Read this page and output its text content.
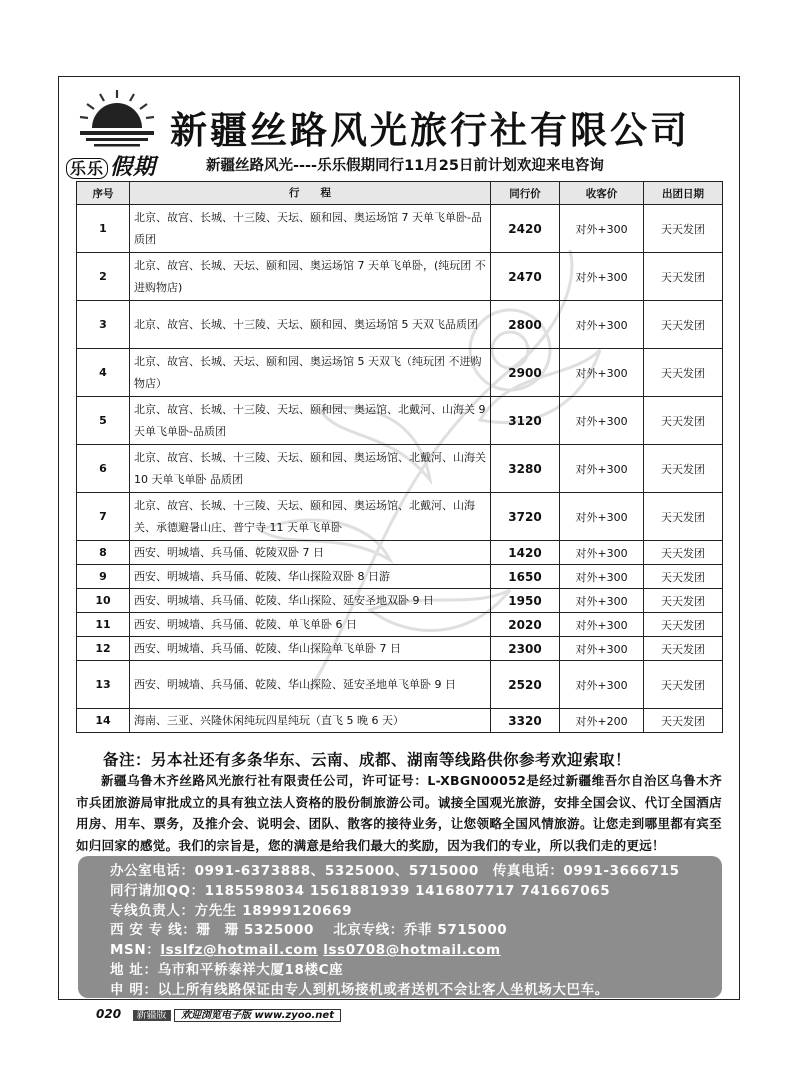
乐乐 假期
新疆丝路风光旅行社有限公司
新疆丝路风光----乐乐假期同行11月25日前计划欢迎来电咨询
序号	行　　程	同行价	收客价	出团日期
1	北京、故宫、长城、十三陵、天坛、颐和园、奥运场馆 7 天单飞单卧-品质团	2420	对外+300	天天发团
2	北京、故宫、长城、天坛、颐和园、奥运场馆 7 天单飞单卧，(纯玩团 不进购物店)	2470	对外+300	天天发团
3	北京、故宫、长城、十三陵、天坛、颐和园、奥运场馆 5 天双飞品质团	2800	对外+300	天天发团
4	北京、故宫、长城、天坛、颐和园、奥运场馆 5 天双飞（纯玩团 不进购物店）	2900	对外+300	天天发团
5	北京、故宫、长城、十三陵、天坛、颐和园、奥运馆、北戴河、山海关 9 天单飞单卧-品质团	3120	对外+300	天天发团
6	北京、故宫、长城、十三陵、天坛、颐和园、奥运场馆、北戴河、山海关 10 天单飞单卧 品质团	3280	对外+300	天天发团
7	北京、故宫、长城、十三陵、天坛、颐和园、奥运场馆、北戴河、山海关、承德避暑山庄、普宁寺 11 天单飞单卧	3720	对外+300	天天发团
8	西安、明城墙、兵马俑、乾陵双卧 7 日	1420	对外+300	天天发团
9	西安、明城墙、兵马俑、乾陵、华山探险双卧 8 日游	1650	对外+300	天天发团
10	西安、明城墙、兵马俑、乾陵、华山探险、延安圣地双卧 9 日	1950	对外+300	天天发团
11	西安、明城墙、兵马俑、乾陵、单飞单卧 6 日	2020	对外+300	天天发团
12	西安、明城墙、兵马俑、乾陵、华山探险单飞单卧 7 日	2300	对外+300	天天发团
13	西安、明城墙、兵马俑、乾陵、华山探险、延安圣地单飞单卧 9 日	2520	对外+300	天天发团
14	海南、三亚、兴隆休闲纯玩四星纯玩（直飞 5 晚 6 天）	3320	对外+200	天天发团
备注：另本社还有多条华东、云南、成都、湖南等线路供你参考欢迎索取！
新疆乌鲁木齐丝路风光旅行社有限责任公司，许可证号：L-XBGN00052是经过新疆维吾尔自治区乌鲁木齐市兵团旅游局审批成立的具有独立法人资格的股份制旅游公司。诚接全国观光旅游，安排全国会议、代订全国酒店用房、用车、票务，及推介会、说明会、团队、散客的接待业务，让您领略全国风情旅游。让您走到哪里都有宾至如归回家的感觉。我们的宗旨是，您的满意是给我们最大的奖励，因为我们的专业，所以我们走的更远！
办公室电话：0991-6373888、5325000、5715000　传真电话：0991-3666715
同行请加QQ：1185598034 1561881939 1416807717 741667065
专线负责人：方先生 18999120669
西 安 专 线：珊　珊 5325000　 北京专线：乔菲 5715000
MSN：lsslfz@hotmail.com lss0708@hotmail.com
地 址：乌市和平桥泰祥大厦18楼C座
申 明：以上所有线路保证由专人到机场接机或者送机不会让客人坐机场大巴车。
020 新疆版 欢迎浏览电子版 www.zyoo.net
